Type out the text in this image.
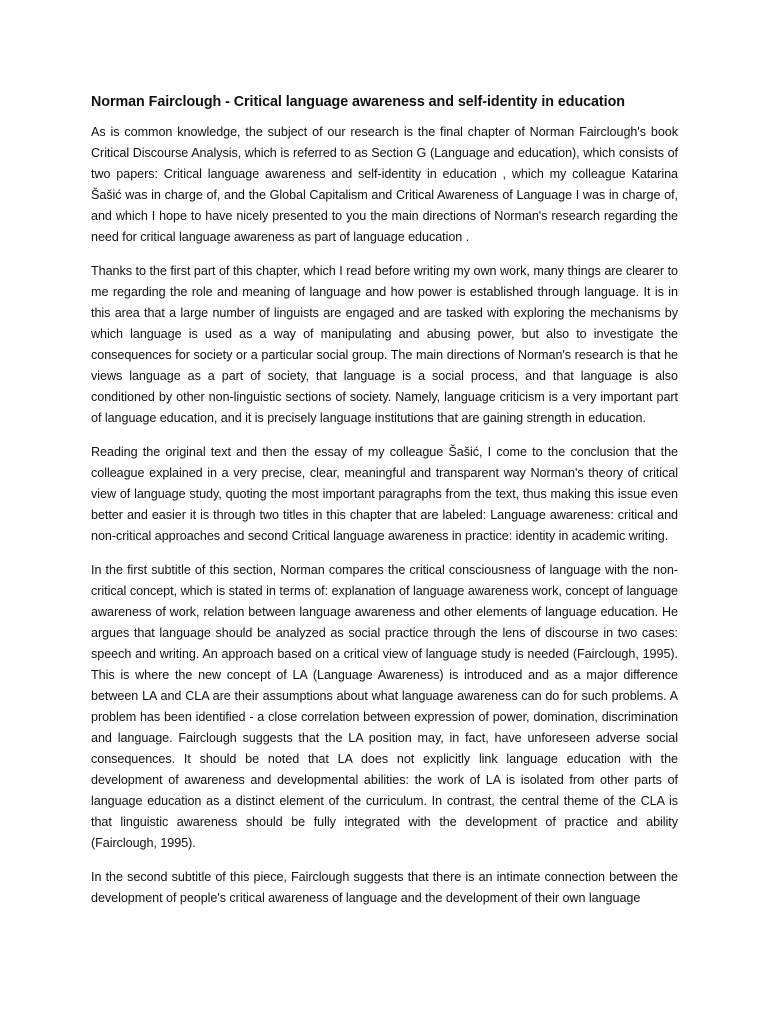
Norman Fairclough - Critical language awareness and self-identity in education

As is common knowledge, the subject of our research is the final chapter of Norman Fairclough's book Critical Discourse Analysis, which is referred to as Section G (Language and education), which consists of two papers: Critical language awareness and self-identity in education , which my colleague Katarina Šašić was in charge of, and the Global Capitalism and Critical Awareness of Language I was in charge of, and which I hope to have nicely presented to you the main directions of Norman's research regarding the need for critical language awareness as part of language education .

Thanks to the first part of this chapter, which I read before writing my own work, many things are clearer to me regarding the role and meaning of language and how power is established through language. It is in this area that a large number of linguists are engaged and are tasked with exploring the mechanisms by which language is used as a way of manipulating and abusing power, but also to investigate the consequences for society or a particular social group. The main directions of Norman's research is that he views language as a part of society, that language is a social process, and that language is also conditioned by other non-linguistic sections of society. Namely, language criticism is a very important part of language education, and it is precisely language institutions that are gaining strength in education.

Reading the original text and then the essay of my colleague Šašić, I come to the conclusion that the colleague explained in a very precise, clear, meaningful and transparent way Norman's theory of critical view of language study, quoting the most important paragraphs from the text, thus making this issue even better and easier it is through two titles in this chapter that are labeled: Language awareness: critical and non-critical approaches and second Critical language awareness in practice: identity in academic writing.

In the first subtitle of this section, Norman compares the critical consciousness of language with the non-critical concept, which is stated in terms of: explanation of language awareness work, concept of language awareness of work, relation between language awareness and other elements of language education. He argues that language should be analyzed as social practice through the lens of discourse in two cases: speech and writing. An approach based on a critical view of language study is needed (Fairclough, 1995). This is where the new concept of LA (Language Awareness) is introduced and as a major difference between LA and CLA are their assumptions about what language awareness can do for such problems. A problem has been identified - a close correlation between expression of power, domination, discrimination and language. Fairclough suggests that the LA position may, in fact, have unforeseen adverse social consequences. It should be noted that LA does not explicitly link language education with the development of awareness and developmental abilities: the work of LA is isolated from other parts of language education as a distinct element of the curriculum. In contrast, the central theme of the CLA is that linguistic awareness should be fully integrated with the development of practice and ability (Fairclough, 1995).

In the second subtitle of this piece, Fairclough suggests that there is an intimate connection between the development of people's critical awareness of language and the development of their own language
